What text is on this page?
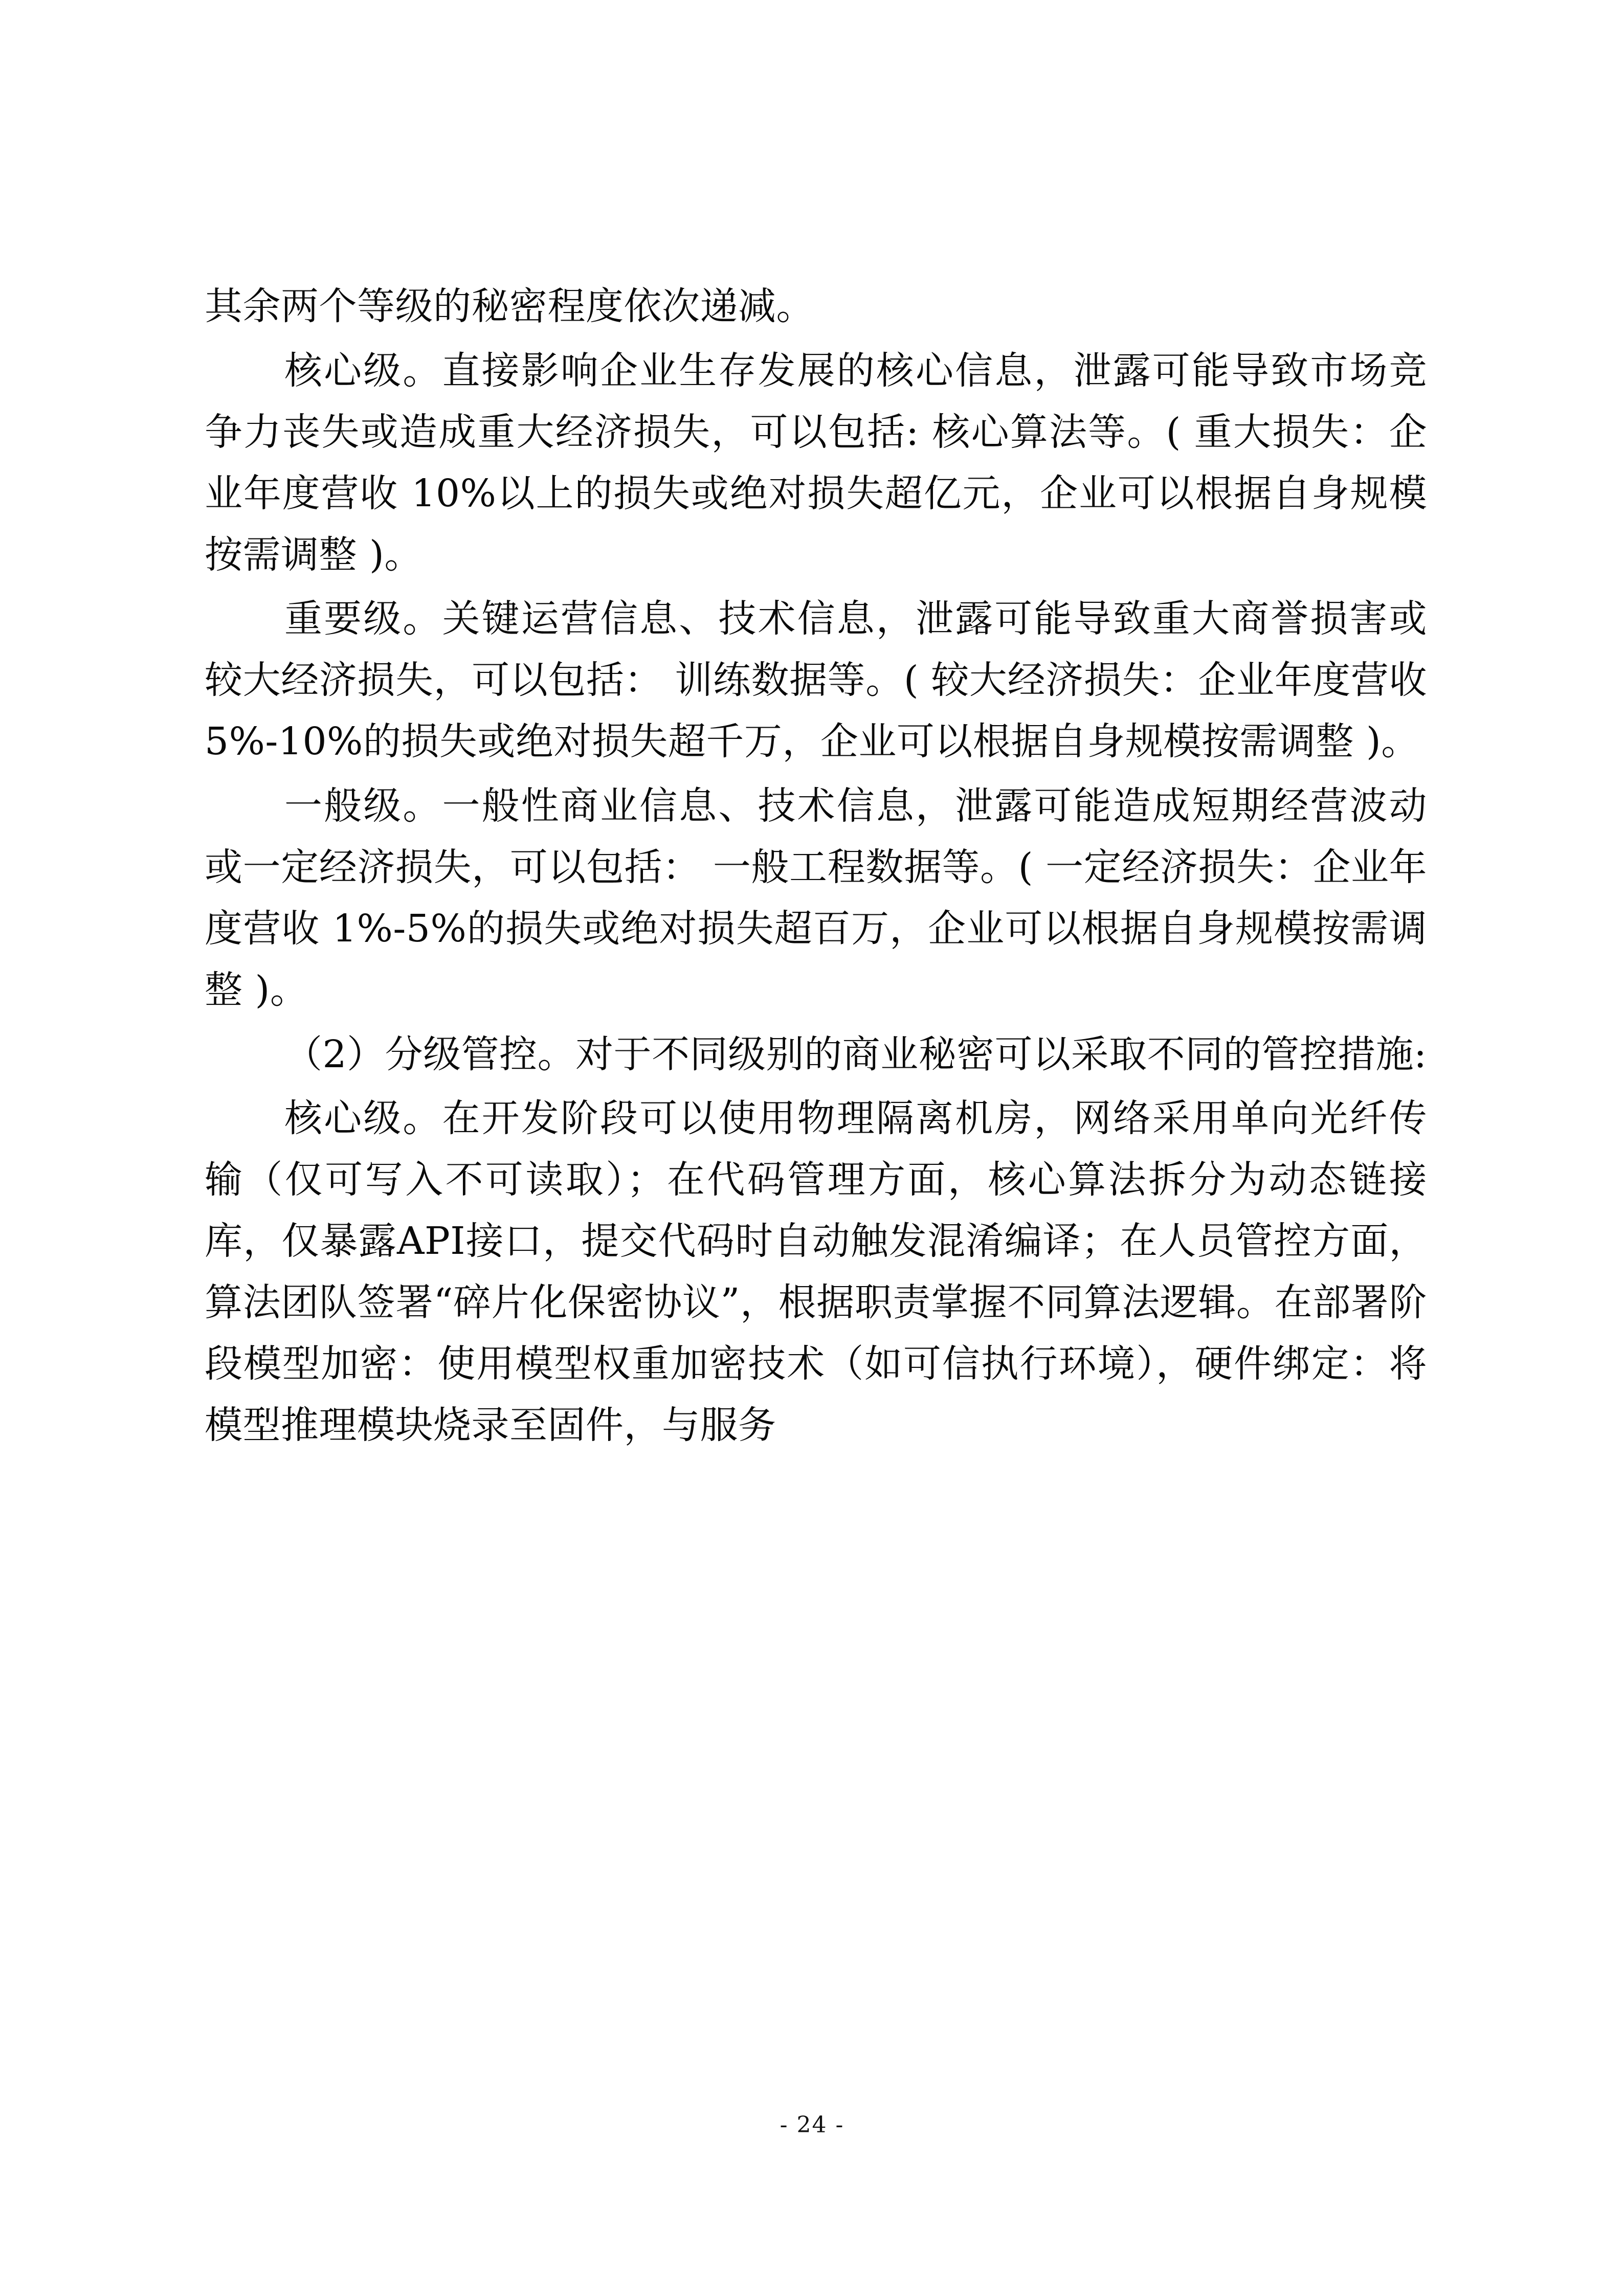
其余两个等级的秘密程度依次递减。

核心级。直接影响企业生存发展的核心信息，泄露可能导致市场竞争力丧失或造成重大经济损失，可以包括: 核心算法等。( 重大损失：企业年度营收 10%以上的损失或绝对损失超亿元，企业可以根据自身规模按需调整 )。

重要级。关键运营信息、技术信息，泄露可能导致重大商誉损害或较大经济损失，可以包括： 训练数据等。( 较大经济损失：企业年度营收 5%-10%的损失或绝对损失超千万，企业可以根据自身规模按需调整 )。

一般级。一般性商业信息、技术信息，泄露可能造成短期经营波动或一定经济损失，可以包括： 一般工程数据等。( 一定经济损失：企业年度营收 1%-5%的损失或绝对损失超百万，企业可以根据自身规模按需调整 )。

（2）分级管控。对于不同级别的商业秘密可以采取不同的管控措施:

核心级。在开发阶段可以使用物理隔离机房，网络采用单向光纤传输（仅可写入不可读取）；在代码管理方面，核心算法拆分为动态链接库，仅暴露API接口，提交代码时自动触发混淆编译；在人员管控方面，算法团队签署“碎片化保密协议”，根据职责掌握不同算法逻辑。在部署阶段模型加密：使用模型权重加密技术（如可信执行环境），硬件绑定：将模型推理模块烧录至固件，与服务

- 24 -
